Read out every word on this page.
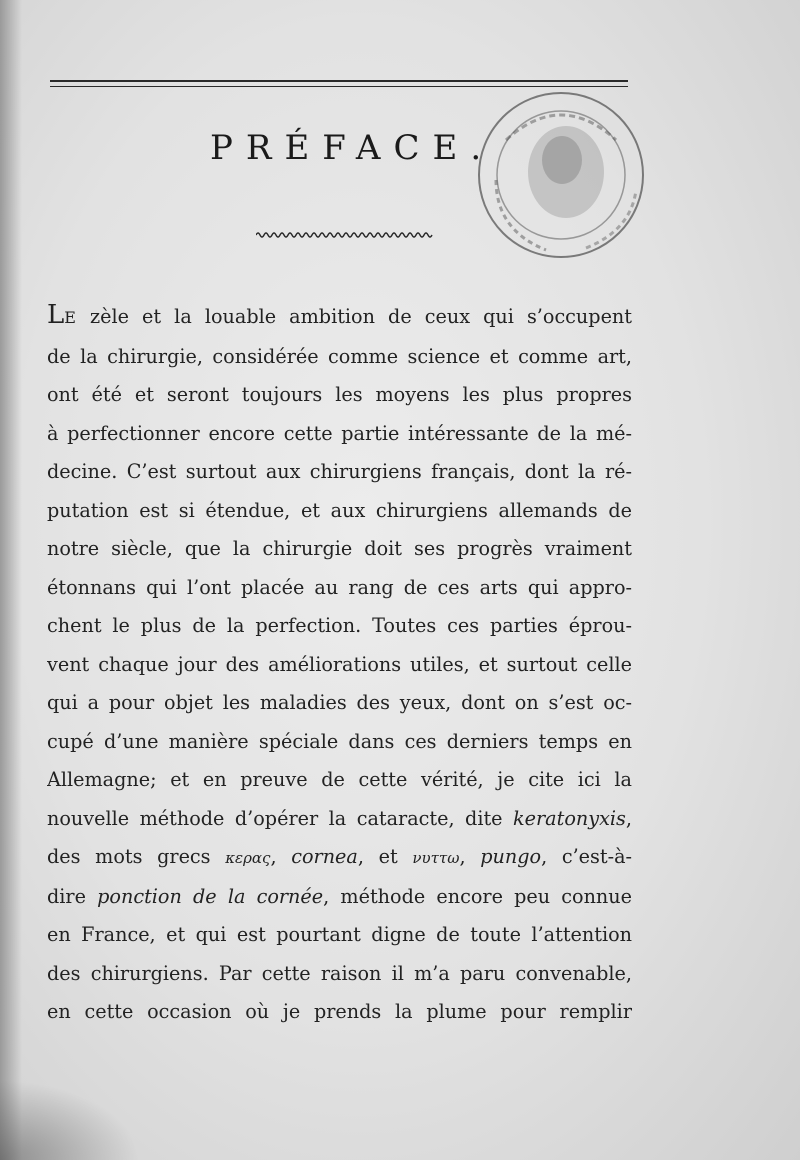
PRÉFACE.
LE zèle et la louable ambition de ceux qui s’occupent
de la chirurgie, considérée comme science et comme art,
ont été et seront toujours les moyens les plus propres
à perfectionner encore cette partie intéressante de la mé-
decine. C’est surtout aux chirurgiens français, dont la ré-
putation est si étendue, et aux chirurgiens allemands de
notre siècle, que la chirurgie doit ses progrès vraiment
étonnans qui l’ont placée au rang de ces arts qui appro-
chent le plus de la perfection. Toutes ces parties éprou-
vent chaque jour des améliorations utiles, et surtout celle
qui a pour objet les maladies des yeux, dont on s’est oc-
cupé d’une manière spéciale dans ces derniers temps en
Allemagne; et en preuve de cette vérité, je cite ici la
nouvelle méthode d’opérer la cataracte, dite keratonyxis,
des mots grecs κερας, cornea, et νυττω, pungo, c’est-à-
dire ponction de la cornée, méthode encore peu connue
en France, et qui est pourtant digne de toute l’attention
des chirurgiens. Par cette raison il m’a paru convenable,
en cette occasion où je prends la plume pour remplir
